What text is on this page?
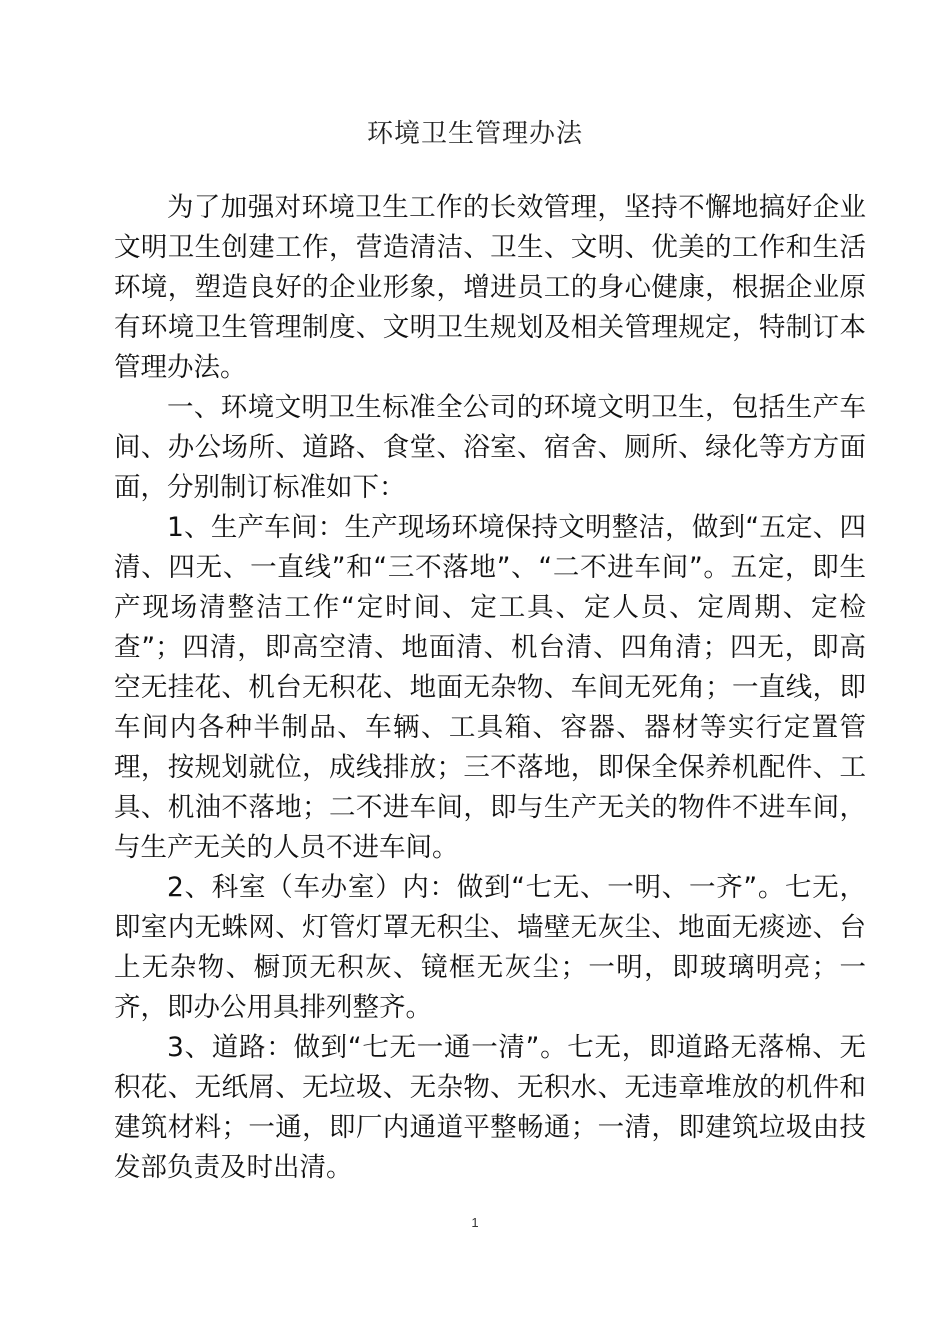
环境卫生管理办法

为了加强对环境卫生工作的长效管理，坚持不懈地搞好企业文明卫生创建工作，营造清洁、卫生、文明、优美的工作和生活环境，塑造良好的企业形象，增进员工的身心健康，根据企业原有环境卫生管理制度、文明卫生规划及相关管理规定，特制订本管理办法。

一、环境文明卫生标准全公司的环境文明卫生，包括生产车间、办公场所、道路、食堂、浴室、宿舍、厕所、绿化等方方面面，分别制订标准如下：

1、生产车间：生产现场环境保持文明整洁，做到“五定、四清、四无、一直线”和“三不落地”、“二不进车间”。五定，即生产现场清整洁工作“定时间、定工具、定人员、定周期、定检查”；四清，即高空清、地面清、机台清、四角清；四无，即高空无挂花、机台无积花、地面无杂物、车间无死角；一直线，即车间内各种半制品、车辆、工具箱、容器、器材等实行定置管理，按规划就位，成线排放；三不落地，即保全保养机配件、工具、机油不落地；二不进车间，即与生产无关的物件不进车间，与生产无关的人员不进车间。

2、科室（车办室）内：做到“七无、一明、一齐”。七无，即室内无蛛网、灯管灯罩无积尘、墙壁无灰尘、地面无痰迹、台上无杂物、橱顶无积灰、镜框无灰尘；一明，即玻璃明亮；一齐，即办公用具排列整齐。

3、道路：做到“七无一通一清”。七无，即道路无落棉、无积花、无纸屑、无垃圾、无杂物、无积水、无违章堆放的机件和建筑材料；一通，即厂内通道平整畅通；一清，即建筑垃圾由技发部负责及时出清。

1
